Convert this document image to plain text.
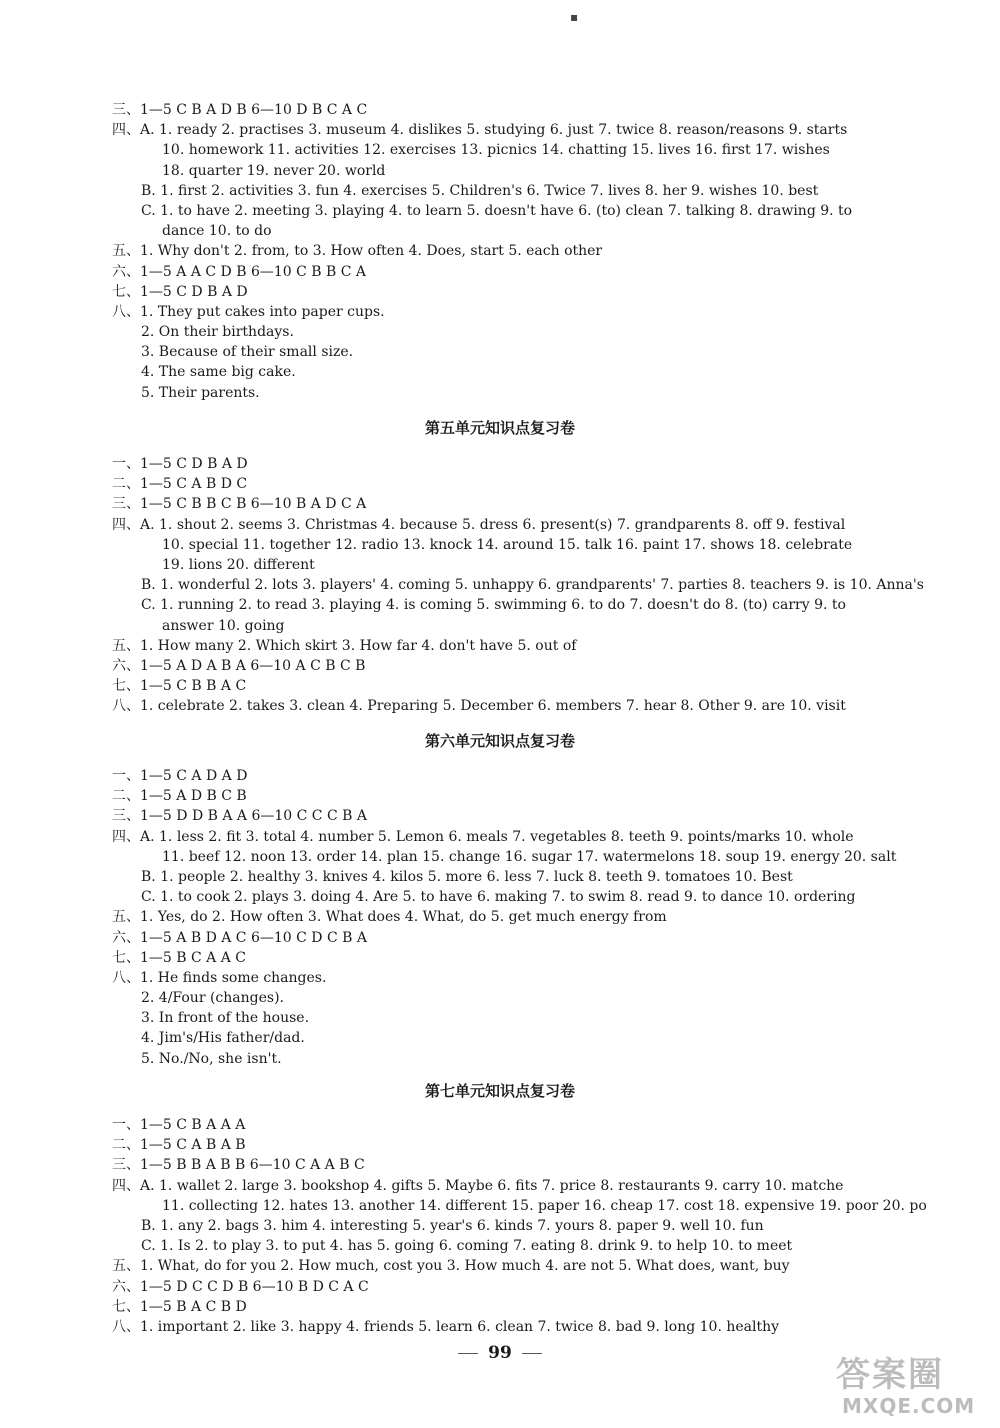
▪
三、1—5 C B A D B 6—10 D B C A C
四、A. 1. ready 2. practises 3. museum 4. dislikes 5. studying 6. just 7. twice 8. reason/reasons 9. starts
10. homework 11. activities 12. exercises 13. picnics 14. chatting 15. lives 16. first 17. wishes
18. quarter 19. never 20. world
B. 1. first 2. activities 3. fun 4. exercises 5. Children's 6. Twice 7. lives 8. her 9. wishes 10. best
C. 1. to have 2. meeting 3. playing 4. to learn 5. doesn't have 6. (to) clean 7. talking 8. drawing 9. to
dance 10. to do
五、1. Why don't 2. from, to 3. How often 4. Does, start 5. each other
六、1—5 A A C D B 6—10 C B B C A
七、1—5 C D B A D
八、1. They put cakes into paper cups.
2. On their birthdays.
3. Because of their small size.
4. The same big cake.
5. Their parents.
第五单元知识点复习卷
一、1—5 C D B A D
二、1—5 C A B D C
三、1—5 C B B C B 6—10 B A D C A
四、A. 1. shout 2. seems 3. Christmas 4. because 5. dress 6. present(s) 7. grandparents 8. off 9. festival
10. special 11. together 12. radio 13. knock 14. around 15. talk 16. paint 17. shows 18. celebrate
19. lions 20. different
B. 1. wonderful 2. lots 3. players' 4. coming 5. unhappy 6. grandparents' 7. parties 8. teachers 9. is 10. Anna's
C. 1. running 2. to read 3. playing 4. is coming 5. swimming 6. to do 7. doesn't do 8. (to) carry 9. to
answer 10. going
五、1. How many 2. Which skirt 3. How far 4. don't have 5. out of
六、1—5 A D A B A 6—10 A C B C B
七、1—5 C B B A C
八、1. celebrate 2. takes 3. clean 4. Preparing 5. December 6. members 7. hear 8. Other 9. are 10. visit
第六单元知识点复习卷
一、1—5 C A D A D
二、1—5 A D B C B
三、1—5 D D B A A 6—10 C C C B A
四、A. 1. less 2. fit 3. total 4. number 5. Lemon 6. meals 7. vegetables 8. teeth 9. points/marks 10. whole
11. beef 12. noon 13. order 14. plan 15. change 16. sugar 17. watermelons 18. soup 19. energy 20. salt
B. 1. people 2. healthy 3. knives 4. kilos 5. more 6. less 7. luck 8. teeth 9. tomatoes 10. Best
C. 1. to cook 2. plays 3. doing 4. Are 5. to have 6. making 7. to swim 8. read 9. to dance 10. ordering
五、1. Yes, do 2. How often 3. What does 4. What, do 5. get much energy from
六、1—5 A B D A C 6—10 C D C B A
七、1—5 B C A A C
八、1. He finds some changes.
2. 4/Four (changes).
3. In front of the house.
4. Jim's/His father/dad.
5. No./No, she isn't.
第七单元知识点复习卷
一、1—5 C B A A A
二、1—5 C A B A B
三、1—5 B B A B B 6—10 C A A B C
四、A. 1. wallet 2. large 3. bookshop 4. gifts 5. Maybe 6. fits 7. price 8. restaurants 9. carry 10. matche
11. collecting 12. hates 13. another 14. different 15. paper 16. cheap 17. cost 18. expensive 19. poor 20. po
B. 1. any 2. bags 3. him 4. interesting 5. year's 6. kinds 7. yours 8. paper 9. well 10. fun
C. 1. Is 2. to play 3. to put 4. has 5. going 6. coming 7. eating 8. drink 9. to help 10. to meet
五、1. What, do for you 2. How much, cost you 3. How much 4. are not 5. What does, want, buy
六、1—5 D C C D B 6—10 B D C A C
七、1—5 B A C B D
八、1. important 2. like 3. happy 4. friends 5. learn 6. clean 7. twice 8. bad 9. long 10. healthy
99
答案圈
MXQE.COM
